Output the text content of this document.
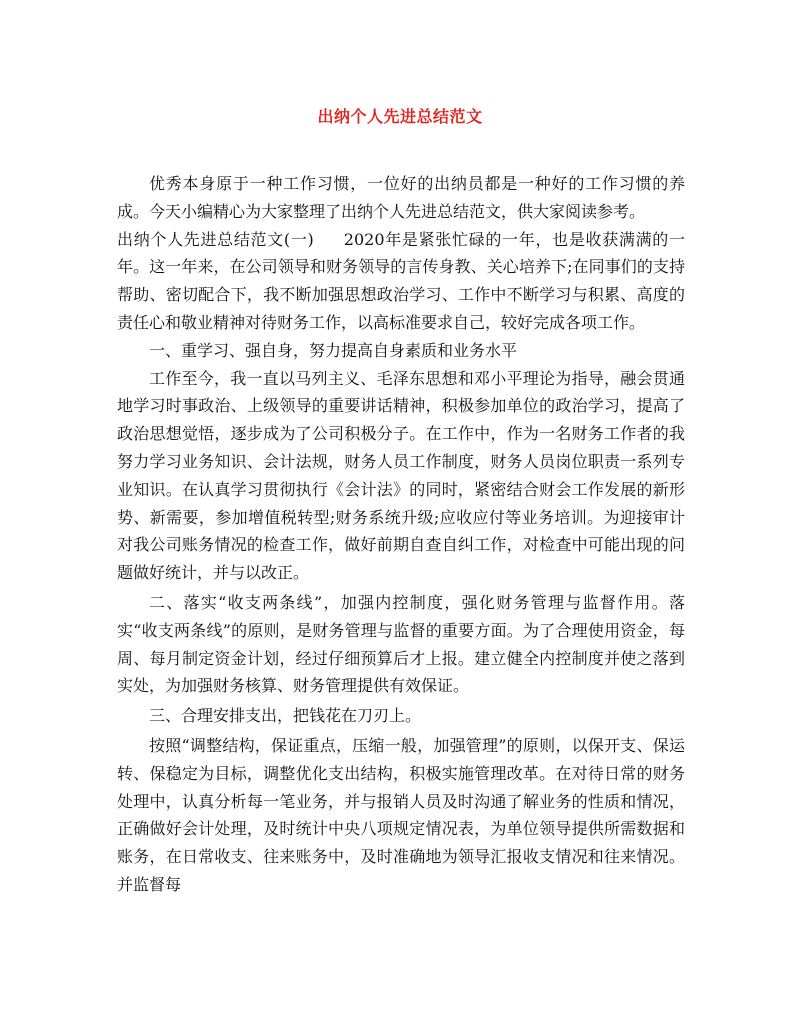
出纳个人先进总结范文

优秀本身原于一种工作习惯，一位好的出纳员都是一种好的工作习惯的养成。今天小编精心为大家整理了出纳个人先进总结范文，供大家阅读参考。

出纳个人先进总结范文(一) 2020年是紧张忙碌的一年，也是收获满满的一年。这一年来，在公司领导和财务领导的言传身教、关心培养下;在同事们的支持帮助、密切配合下，我不断加强思想政治学习、工作中不断学习与积累、高度的责任心和敬业精神对待财务工作，以高标准要求自己，较好完成各项工作。

一、重学习、强自身，努力提高自身素质和业务水平

工作至今，我一直以马列主义、毛泽东思想和邓小平理论为指导，融会贯通地学习时事政治、上级领导的重要讲话精神，积极参加单位的政治学习，提高了政治思想觉悟，逐步成为了公司积极分子。在工作中，作为一名财务工作者的我努力学习业务知识、会计法规，财务人员工作制度，财务人员岗位职责一系列专业知识。在认真学习贯彻执行《会计法》的同时，紧密结合财会工作发展的新形势、新需要，参加增值税转型;财务系统升级;应收应付等业务培训。为迎接审计对我公司账务情况的检查工作，做好前期自查自纠工作，对检查中可能出现的问题做好统计，并与以改正。

二、落实“收支两条线”，加强内控制度，强化财务管理与监督作用。落实“收支两条线”的原则，是财务管理与监督的重要方面。为了合理使用资金，每周、每月制定资金计划，经过仔细预算后才上报。建立健全内控制度并使之落到实处，为加强财务核算、财务管理提供有效保证。

三、合理安排支出，把钱花在刀刃上。

按照“调整结构，保证重点，压缩一般，加强管理”的原则，以保开支、保运转、保稳定为目标，调整优化支出结构，积极实施管理改革。在对待日常的财务处理中，认真分析每一笔业务，并与报销人员及时沟通了解业务的性质和情况，正确做好会计处理，及时统计中央八项规定情况表，为单位领导提供所需数据和账务，在日常收支、往来账务中，及时准确地为领导汇报收支情况和往来情况。并监督每
